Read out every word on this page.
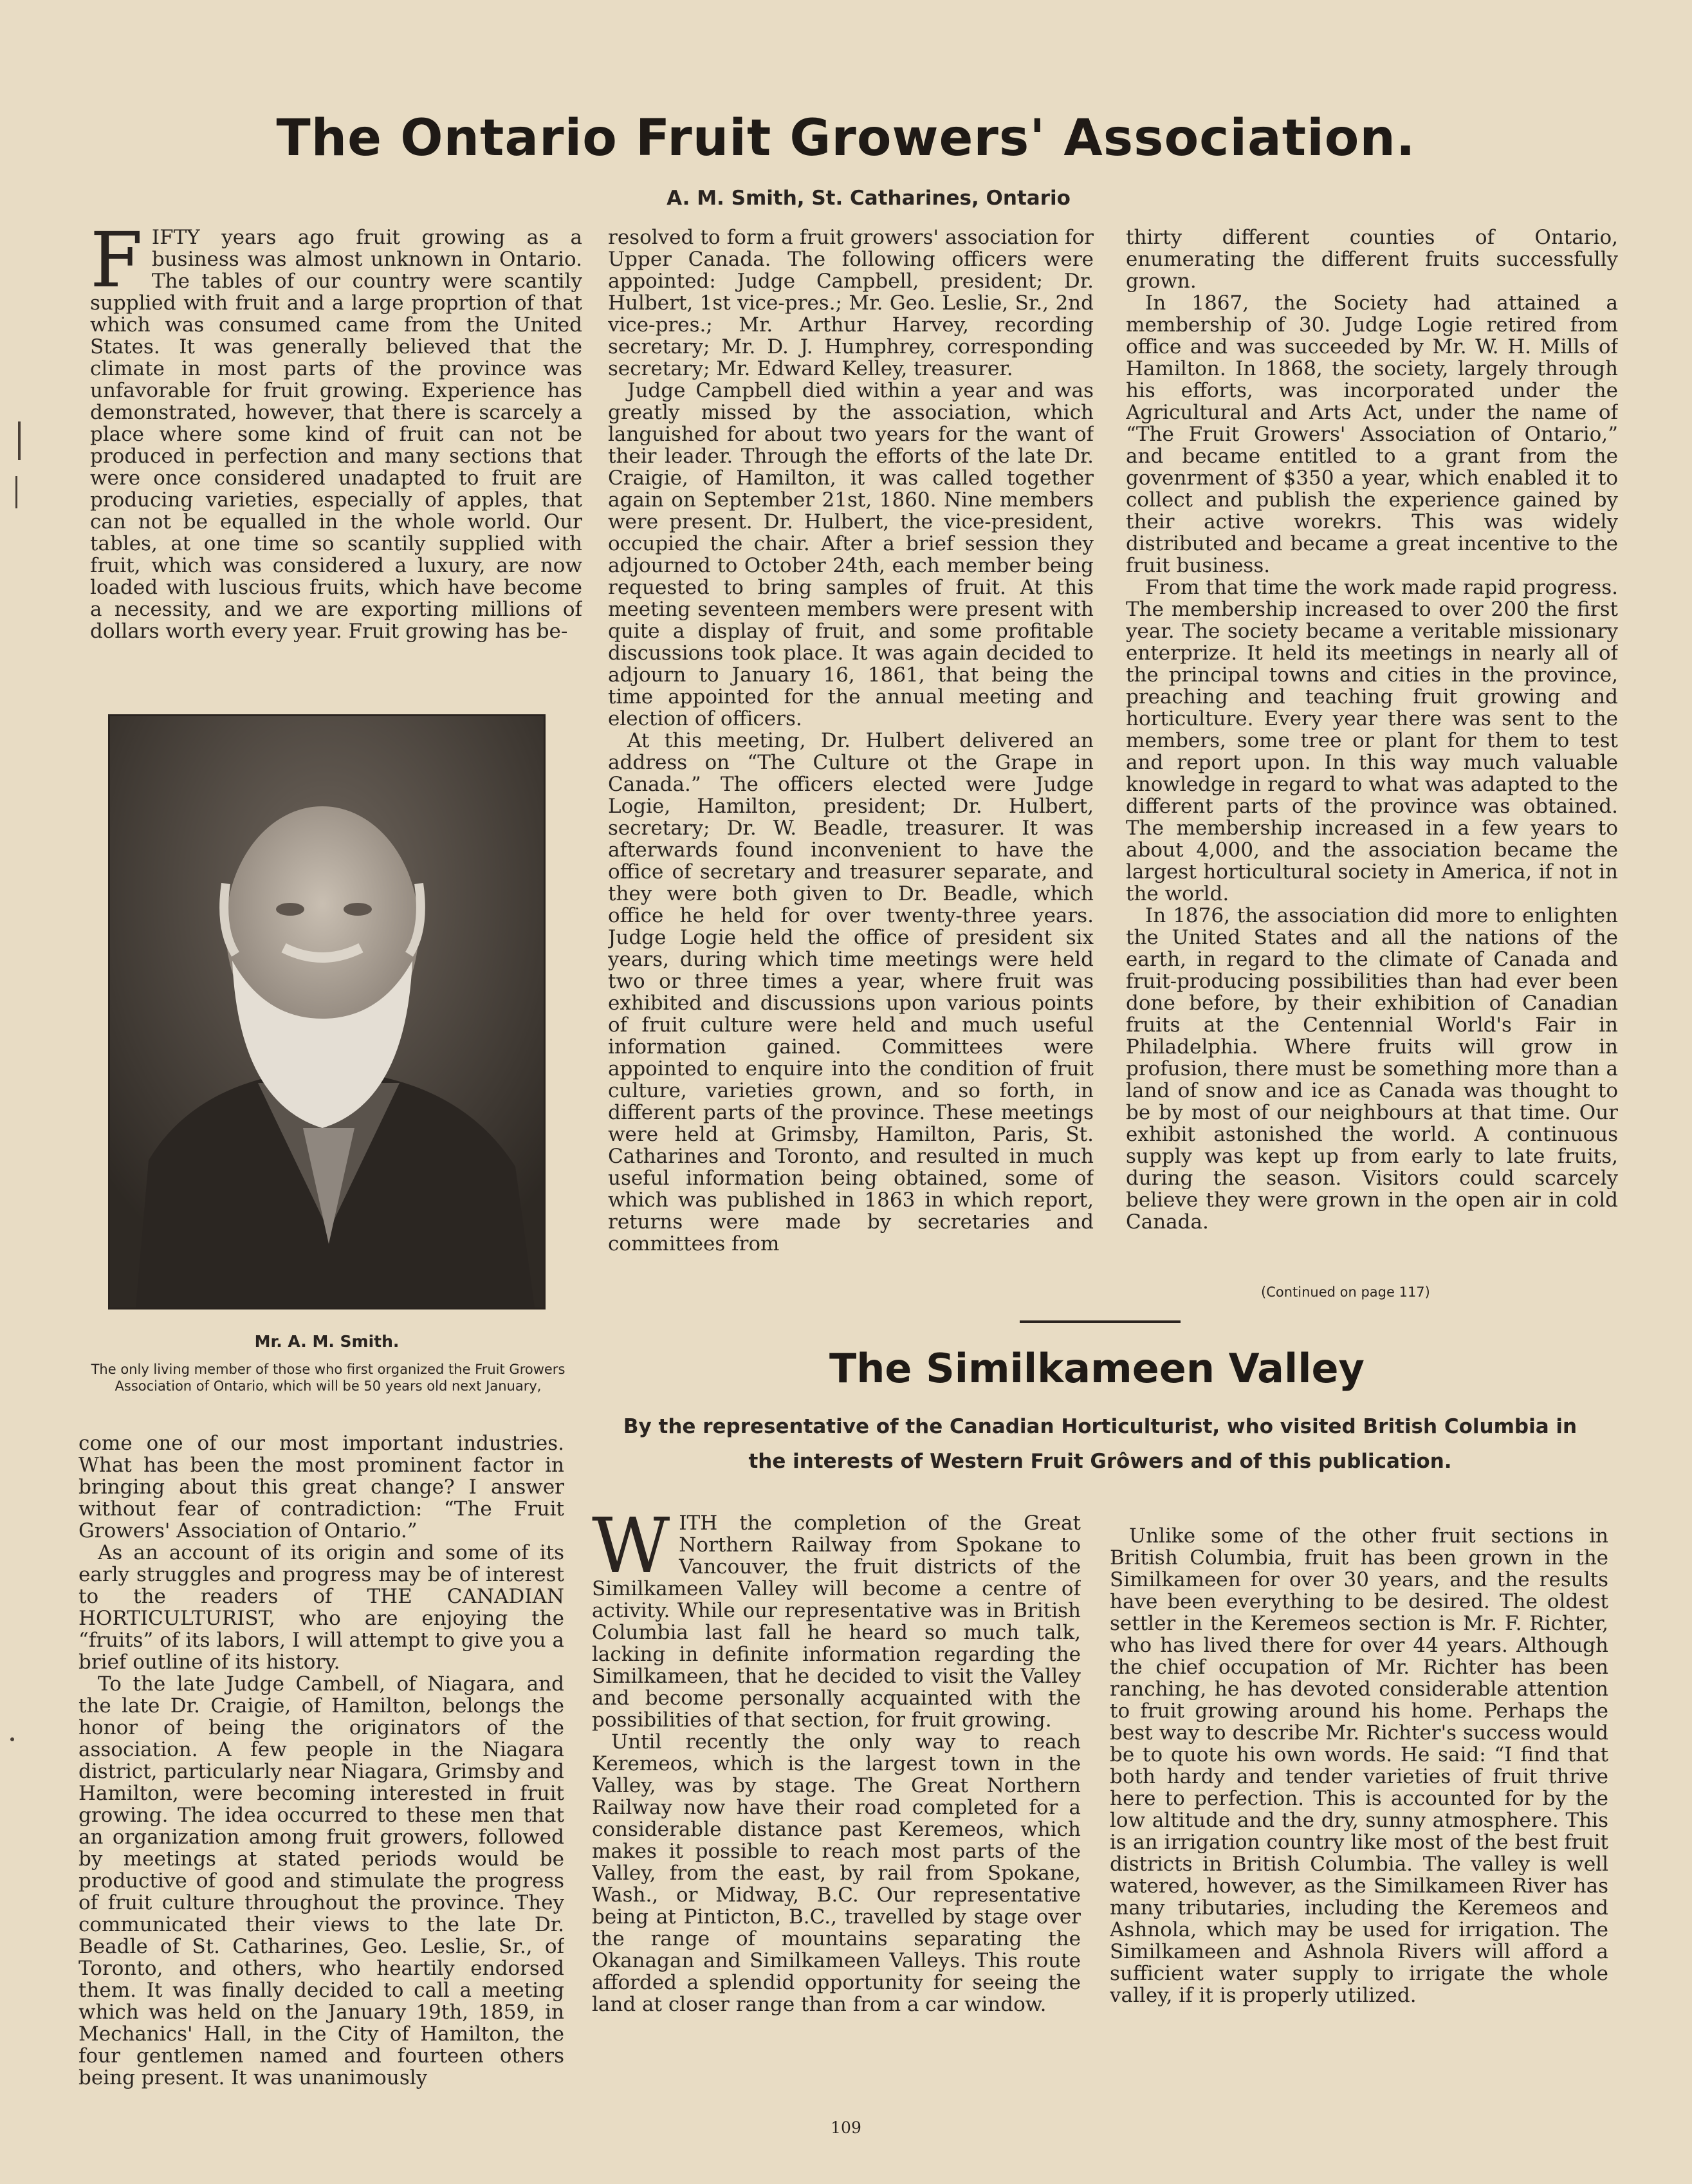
The Ontario Fruit Growers' Association.
A. M. Smith, St. Catharines, Ontario

FIFTY years ago fruit growing as a business was almost unknown in Ontario. The tables of our country were scantily supplied with fruit and a large proprtion of that which was consumed came from the United States. It was generally believed that the climate in most parts of the province was unfavorable for fruit growing. Experience has demonstrated, however, that there is scarcely a place where some kind of fruit can not be produced in perfection and many sections that were once considered unadapted to fruit are producing varieties, especially of apples, that can not be equalled in the whole world. Our tables, at one time so scantily supplied with fruit, which was considered a luxury, are now loaded with luscious fruits, which have become a necessity, and we are exporting millions of dollars worth every year. Fruit growing has be-

Mr. A. M. Smith.
The only living member of those who first organized the Fruit Growers Association of Ontario, which will be 50 years old next January,

come one of our most important industries. What has been the most prominent factor in bringing about this great change? I answer without fear of contradiction: “The Fruit Growers' Association of Ontario.”

As an account of its origin and some of its early struggles and progress may be of interest to the readers of THE CANADIAN HORTICULTURIST, who are enjoying the “fruits” of its labors, I will attempt to give you a brief outline of its history.

To the late Judge Cambell, of Niagara, and the late Dr. Craigie, of Hamilton, belongs the honor of being the originators of the association. A few people in the Niagara district, particularly near Niagara, Grimsby and Hamilton, were becoming interested in fruit growing. The idea occurred to these men that an organization among fruit growers, followed by meetings at stated periods would be productive of good and stimulate the progress of fruit culture throughout the province. They communicated their views to the late Dr. Beadle of St. Catharines, Geo. Leslie, Sr., of Toronto, and others, who heartily endorsed them. It was finally decided to call a meeting which was held on the January 19th, 1859, in Mechanics' Hall, in the City of Hamilton, the four gentlemen named and fourteen others being present. It was unanimously

resolved to form a fruit growers' association for Upper Canada. The following officers were appointed: Judge Campbell, president; Dr. Hulbert, 1st vice-pres.; Mr. Geo. Leslie, Sr., 2nd vice-pres.; Mr. Arthur Harvey, recording secretary; Mr. D. J. Humphrey, corresponding secretary; Mr. Edward Kelley, treasurer.

Judge Campbell died within a year and was greatly missed by the association, which languished for about two years for the want of their leader. Through the efforts of the late Dr. Craigie, of Hamilton, it was called together again on September 21st, 1860. Nine members were present. Dr. Hulbert, the vice-president, occupied the chair. After a brief session they adjourned to October 24th, each member being requested to bring samples of fruit. At this meeting seventeen members were present with quite a display of fruit, and some profitable discussions took place. It was again decided to adjourn to January 16, 1861, that being the time appointed for the annual meeting and election of officers.

At this meeting, Dr. Hulbert delivered an address on “The Culture ot the Grape in Canada.” The officers elected were Judge Logie, Hamilton, president; Dr. Hulbert, secretary; Dr. W. Beadle, treasurer. It was afterwards found inconvenient to have the office of secretary and treasurer separate, and they were both given to Dr. Beadle, which office he held for over twenty-three years. Judge Logie held the office of president six years, during which time meetings were held two or three times a year, where fruit was exhibited and discussions upon various points of fruit culture were held and much useful information gained. Committees were appointed to enquire into the condition of fruit culture, varieties grown, and so forth, in different parts of the province. These meetings were held at Grimsby, Hamilton, Paris, St. Catharines and Toronto, and resulted in much useful information being obtained, some of which was published in 1863 in which report, returns were made by secretaries and committees from

thirty different counties of Ontario, enumerating the different fruits successfully grown.

In 1867, the Society had attained a membership of 30. Judge Logie retired from office and was succeeded by Mr. W. H. Mills of Hamilton. In 1868, the society, largely through his efforts, was incorporated under the Agricultural and Arts Act, under the name of “The Fruit Growers' Association of Ontario,” and became entitled to a grant from the govenrment of $350 a year, which enabled it to collect and publish the experience gained by their active worekrs. This was widely distributed and became a great incentive to the fruit business.

From that time the work made rapid progress. The membership increased to over 200 the first year. The society became a veritable missionary enterprize. It held its meetings in nearly all of the principal towns and cities in the province, preaching and teaching fruit growing and horticulture. Every year there was sent to the members, some tree or plant for them to test and report upon. In this way much valuable knowledge in regard to what was adapted to the different parts of the province was obtained. The membership increased in a few years to about 4,000, and the association became the largest horticultural society in America, if not in the world.

In 1876, the association did more to enlighten the United States and all the nations of the earth, in regard to the climate of Canada and fruit-producing possibilities than had ever been done before, by their exhibition of Canadian fruits at the Centennial World's Fair in Philadelphia. Where fruits will grow in profusion, there must be something more than a land of snow and ice as Canada was thought to be by most of our neighbours at that time. Our exhibit astonished the world. A continuous supply was kept up from early to late fruits, during the season. Visitors could scarcely believe they were grown in the open air in cold Canada.

(Continued on page 117)
The Similkameen Valley
By the representative of the Canadian Horticulturist, who visited British Columbia in the interests of Western Fruit Grôwers and of this publication.

WITH the completion of the Great Northern Railway from Spokane to Vancouver, the fruit districts of the Similkameen Valley will become a centre of activity. While our representative was in British Columbia last fall he heard so much talk, lacking in definite information regarding the Similkameen, that he decided to visit the Valley and become personally acquainted with the possibilities of that section, for fruit growing.

Until recently the only way to reach Keremeos, which is the largest town in the Valley, was by stage. The Great Northern Railway now have their road completed for a considerable distance past Keremeos, which makes it possible to reach most parts of the Valley, from the east, by rail from Spokane, Wash., or Midway, B.C. Our representative being at Pinticton, B.C., travelled by stage over the range of mountains separating the Okanagan and Similkameen Valleys. This route afforded a splendid opportunity for seeing the land at closer range than from a car window.

Unlike some of the other fruit sections in British Columbia, fruit has been grown in the Similkameen for over 30 years, and the results have been everything to be desired. The oldest settler in the Keremeos section is Mr. F. Richter, who has lived there for over 44 years. Although the chief occupation of Mr. Richter has been ranching, he has devoted considerable attention to fruit growing around his home. Perhaps the best way to describe Mr. Richter's success would be to quote his own words. He said: “I find that both hardy and tender varieties of fruit thrive here to perfection. This is accounted for by the low altitude and the dry, sunny atmosphere. This is an irrigation country like most of the best fruit districts in British Columbia. The valley is well watered, however, as the Similkameen River has many tributaries, including the Keremeos and Ashnola, which may be used for irrigation. The Similkameen and Ashnola Rivers will afford a sufficient water supply to irrigate the whole valley, if it is properly utilized.

109
